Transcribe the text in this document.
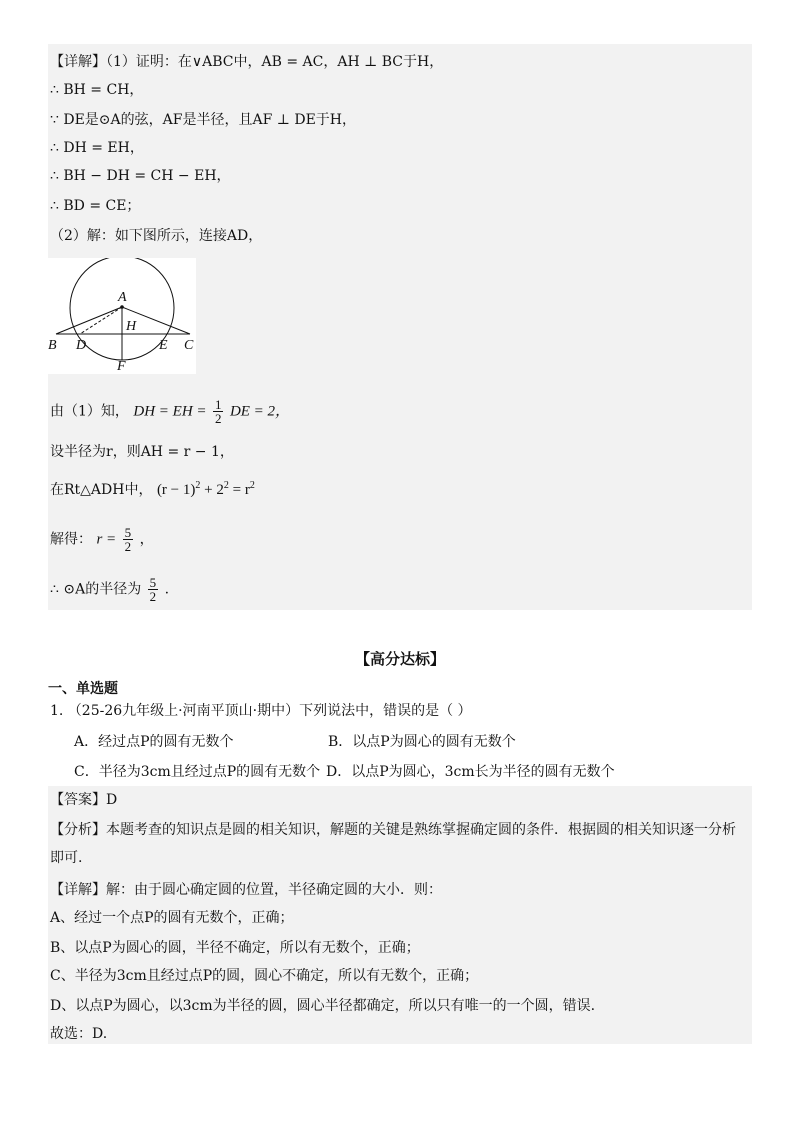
【详解】（1）证明：在∨ABC中，AB = AC，AH ⊥ BC于H，
∴ BH = CH，
∵ DE是⊙A的弦，AF是半径，且AF ⊥ DE于H，
∴ DH = EH，
∴ BH − DH = CH − EH，
∴ BD = CE；
（2）解：如下图所示，连接AD，
A
H
B D	E C
F
由（1）知， DH = EH = $\frac{1}{2}$ DE = 2，
设半径为r，则AH = r − 1，
在Rt△ADH中， $(r - 1)^2 + 2^2 = r^2$
解得： $r = \frac{5}{2}$ ，
∴ ⊙A的半径为 $\frac{5}{2}$ .
【高分达标】
一、单选题
1. （25-26九年级上·河南平顶山·期中）下列说法中，错误的是（ ）
A．经过点P的圆有无数个	B．以点P为圆心的圆有无数个
C．半径为3cm且经过点P的圆有无数个 D．以点P为圆心，3cm长为半径的圆有无数个
【答案】D
【分析】本题考查的知识点是圆的相关知识，解题的关键是熟练掌握确定圆的条件．根据圆的相关知识逐一分析
即可.
【详解】解：由于圆心确定圆的位置，半径确定圆的大小．则：
A、经过一个点P的圆有无数个，正确；
B、以点P为圆心的圆，半径不确定，所以有无数个，正确；
C、半径为3cm且经过点P的圆，圆心不确定，所以有无数个，正确；
D、以点P为圆心，以3cm为半径的圆，圆心半径都确定，所以只有唯一的一个圆，错误.
故选：D.
